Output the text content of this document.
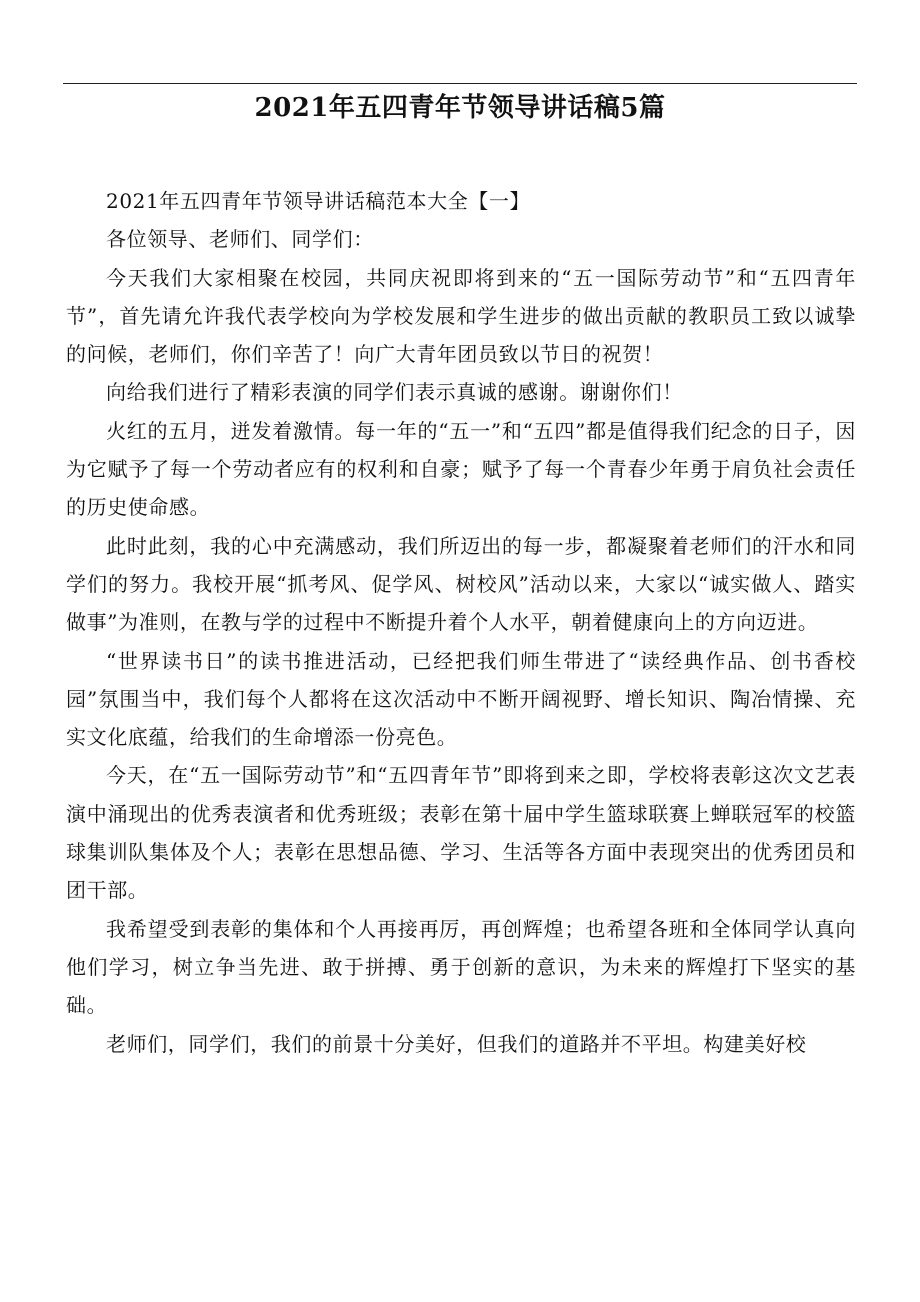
2021年五四青年节领导讲话稿5篇

2021年五四青年节领导讲话稿范本大全【一】

各位领导、老师们、同学们：

今天我们大家相聚在校园，共同庆祝即将到来的“五一国际劳动节”和“五四青年节”，首先请允许我代表学校向为学校发展和学生进步的做出贡献的教职员工致以诚挚的问候，老师们，你们辛苦了！向广大青年团员致以节日的祝贺！

向给我们进行了精彩表演的同学们表示真诚的感谢。谢谢你们！

火红的五月，迸发着激情。每一年的“五一”和“五四”都是值得我们纪念的日子，因为它赋予了每一个劳动者应有的权利和自豪；赋予了每一个青春少年勇于肩负社会责任的历史使命感。

此时此刻，我的心中充满感动，我们所迈出的每一步，都凝聚着老师们的汗水和同学们的努力。我校开展“抓考风、促学风、树校风”活动以来，大家以“诚实做人、踏实做事”为准则，在教与学的过程中不断提升着个人水平，朝着健康向上的方向迈进。

“世界读书日”的读书推进活动，已经把我们师生带进了“读经典作品、创书香校园”氛围当中，我们每个人都将在这次活动中不断开阔视野、增长知识、陶冶情操、充实文化底蕴，给我们的生命增添一份亮色。

今天，在“五一国际劳动节”和“五四青年节”即将到来之即，学校将表彰这次文艺表演中涌现出的优秀表演者和优秀班级；表彰在第十届中学生篮球联赛上蝉联冠军的校篮球集训队集体及个人；表彰在思想品德、学习、生活等各方面中表现突出的优秀团员和团干部。

我希望受到表彰的集体和个人再接再厉，再创辉煌；也希望各班和全体同学认真向他们学习，树立争当先进、敢于拼搏、勇于创新的意识，为未来的辉煌打下坚实的基础。

老师们，同学们，我们的前景十分美好，但我们的道路并不平坦。构建美好校
